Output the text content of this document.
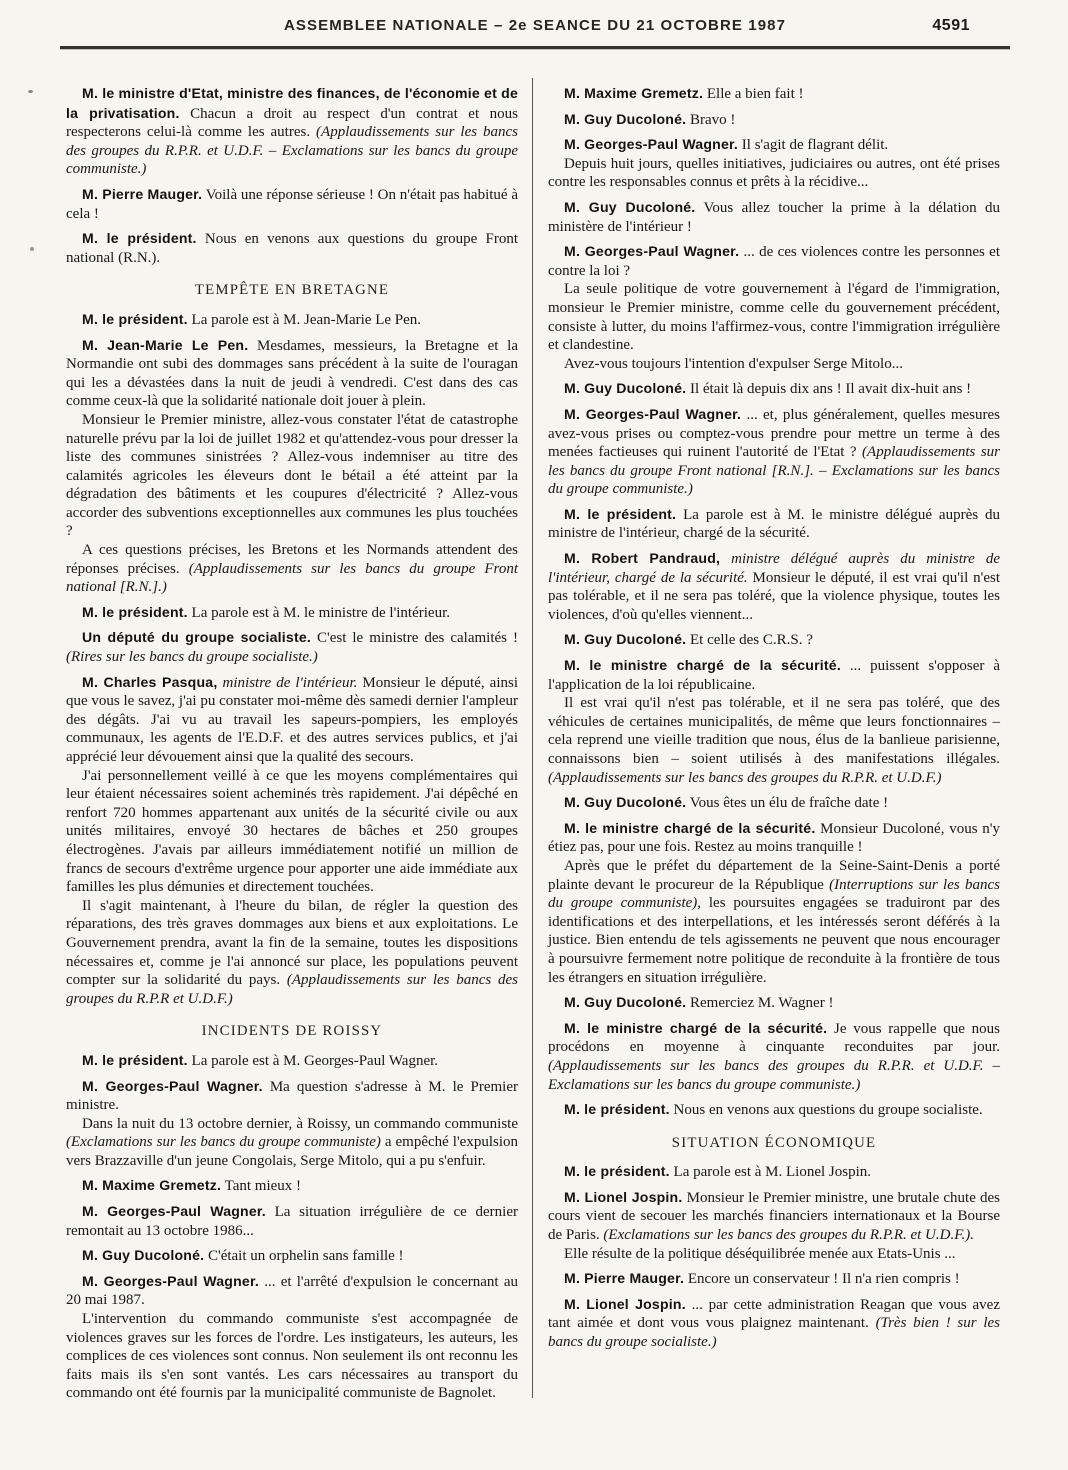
ASSEMBLEE NATIONALE – 2e SEANCE DU 21 OCTOBRE 1987	4591

M. le ministre d'Etat, ministre des finances, de l'économie et de la privatisation. Chacun a droit au respect d'un contrat et nous respecterons celui-là comme les autres. (Applaudissements sur les bancs des groupes du R.P.R. et U.D.F. – Exclamations sur les bancs du groupe communiste.)

M. Pierre Mauger. Voilà une réponse sérieuse ! On n'était pas habitué à cela !

M. le président. Nous en venons aux questions du groupe Front national (R.N.).

TEMPÊTE EN BRETAGNE

M. le président. La parole est à M. Jean-Marie Le Pen.

M. Jean-Marie Le Pen. Mesdames, messieurs, la Bretagne et la Normandie ont subi des dommages sans précédent à la suite de l'ouragan qui les a dévastées dans la nuit de jeudi à vendredi. C'est dans des cas comme ceux-là que la solidarité nationale doit jouer à plein.

Monsieur le Premier ministre, allez-vous constater l'état de catastrophe naturelle prévu par la loi de juillet 1982 et qu'attendez-vous pour dresser la liste des communes sinistrées ? Allez-vous indemniser au titre des calamités agricoles les éleveurs dont le bétail a été atteint par la dégradation des bâtiments et les coupures d'électricité ? Allez-vous accorder des subventions exceptionnelles aux communes les plus touchées ?

A ces questions précises, les Bretons et les Normands attendent des réponses précises. (Applaudissements sur les bancs du groupe Front national [R.N.].)

M. le président. La parole est à M. le ministre de l'intérieur.

Un député du groupe socialiste. C'est le ministre des calamités ! (Rires sur les bancs du groupe socialiste.)

M. Charles Pasqua, ministre de l'intérieur. Monsieur le député, ainsi que vous le savez, j'ai pu constater moi-même dès samedi dernier l'ampleur des dégâts. J'ai vu au travail les sapeurs-pompiers, les employés communaux, les agents de l'E.D.F. et des autres services publics, et j'ai apprécié leur dévouement ainsi que la qualité des secours.

J'ai personnellement veillé à ce que les moyens complémentaires qui leur étaient nécessaires soient acheminés très rapidement. J'ai dépêché en renfort 720 hommes appartenant aux unités de la sécurité civile ou aux unités militaires, envoyé 30 hectares de bâches et 250 groupes électrogènes. J'avais par ailleurs immédiatement notifié un million de francs de secours d'extrême urgence pour apporter une aide immédiate aux familles les plus démunies et directement touchées.

Il s'agit maintenant, à l'heure du bilan, de régler la question des réparations, des très graves dommages aux biens et aux exploitations. Le Gouvernement prendra, avant la fin de la semaine, toutes les dispositions nécessaires et, comme je l'ai annoncé sur place, les populations peuvent compter sur la solidarité du pays. (Applaudissements sur les bancs des groupes du R.P.R et U.D.F.)

INCIDENTS DE ROISSY

M. le président. La parole est à M. Georges-Paul Wagner.

M. Georges-Paul Wagner. Ma question s'adresse à M. le Premier ministre.

Dans la nuit du 13 octobre dernier, à Roissy, un commando communiste (Exclamations sur les bancs du groupe communiste) a empêché l'expulsion vers Brazzaville d'un jeune Congolais, Serge Mitolo, qui a pu s'enfuir.

M. Maxime Gremetz. Tant mieux !

M. Georges-Paul Wagner. La situation irrégulière de ce dernier remontait au 13 octobre 1986...

M. Guy Ducoloné. C'était un orphelin sans famille !

M. Georges-Paul Wagner. ... et l'arrêté d'expulsion le concernant au 20 mai 1987.

L'intervention du commando communiste s'est accompagnée de violences graves sur les forces de l'ordre. Les instigateurs, les auteurs, les complices de ces violences sont connus. Non seulement ils ont reconnu les faits mais ils s'en sont vantés. Les cars nécessaires au transport du commando ont été fournis par la municipalité communiste de Bagnolet.

M. Maxime Gremetz. Elle a bien fait !

M. Guy Ducoloné. Bravo !

M. Georges-Paul Wagner. Il s'agit de flagrant délit.

Depuis huit jours, quelles initiatives, judiciaires ou autres, ont été prises contre les responsables connus et prêts à la récidive...

M. Guy Ducoloné. Vous allez toucher la prime à la délation du ministère de l'intérieur !

M. Georges-Paul Wagner. ... de ces violences contre les personnes et contre la loi ?

La seule politique de votre gouvernement à l'égard de l'immigration, monsieur le Premier ministre, comme celle du gouvernement précédent, consiste à lutter, du moins l'affirmez-vous, contre l'immigration irrégulière et clandestine.

Avez-vous toujours l'intention d'expulser Serge Mitolo...

M. Guy Ducoloné. Il était là depuis dix ans ! Il avait dix-huit ans !

M. Georges-Paul Wagner. ... et, plus généralement, quelles mesures avez-vous prises ou comptez-vous prendre pour mettre un terme à des menées factieuses qui ruinent l'autorité de l'Etat ? (Applaudissements sur les bancs du groupe Front national [R.N.]. – Exclamations sur les bancs du groupe communiste.)

M. le président. La parole est à M. le ministre délégué auprès du ministre de l'intérieur, chargé de la sécurité.

M. Robert Pandraud, ministre délégué auprès du ministre de l'intérieur, chargé de la sécurité. Monsieur le député, il est vrai qu'il n'est pas tolérable, et il ne sera pas toléré, que la violence physique, toutes les violences, d'où qu'elles viennent...

M. Guy Ducoloné. Et celle des C.R.S. ?

M. le ministre chargé de la sécurité. ... puissent s'opposer à l'application de la loi républicaine.

Il est vrai qu'il n'est pas tolérable, et il ne sera pas toléré, que des véhicules de certaines municipalités, de même que leurs fonctionnaires – cela reprend une vieille tradition que nous, élus de la banlieue parisienne, connaissons bien – soient utilisés à des manifestations illégales. (Applaudissements sur les bancs des groupes du R.P.R. et U.D.F.)

M. Guy Ducoloné. Vous êtes un élu de fraîche date !

M. le ministre chargé de la sécurité. Monsieur Ducoloné, vous n'y étiez pas, pour une fois. Restez au moins tranquille !

Après que le préfet du département de la Seine-Saint-Denis a porté plainte devant le procureur de la République (Interruptions sur les bancs du groupe communiste), les poursuites engagées se traduiront par des identifications et des interpellations, et les intéressés seront déférés à la justice. Bien entendu de tels agissements ne peuvent que nous encourager à poursuivre fermement notre politique de reconduite à la frontière de tous les étrangers en situation irrégulière.

M. Guy Ducoloné. Remerciez M. Wagner !

M. le ministre chargé de la sécurité. Je vous rappelle que nous procédons en moyenne à cinquante reconduites par jour. (Applaudissements sur les bancs des groupes du R.P.R. et U.D.F. – Exclamations sur les bancs du groupe communiste.)

M. le président. Nous en venons aux questions du groupe socialiste.

SITUATION ÉCONOMIQUE

M. le président. La parole est à M. Lionel Jospin.

M. Lionel Jospin. Monsieur le Premier ministre, une brutale chute des cours vient de secouer les marchés financiers internationaux et la Bourse de Paris. (Exclamations sur les bancs des groupes du R.P.R. et U.D.F.).

Elle résulte de la politique déséquilibrée menée aux Etats-Unis ...

M. Pierre Mauger. Encore un conservateur ! Il n'a rien compris !

M. Lionel Jospin. ... par cette administration Reagan que vous avez tant aimée et dont vous vous plaignez maintenant. (Très bien ! sur les bancs du groupe socialiste.)
